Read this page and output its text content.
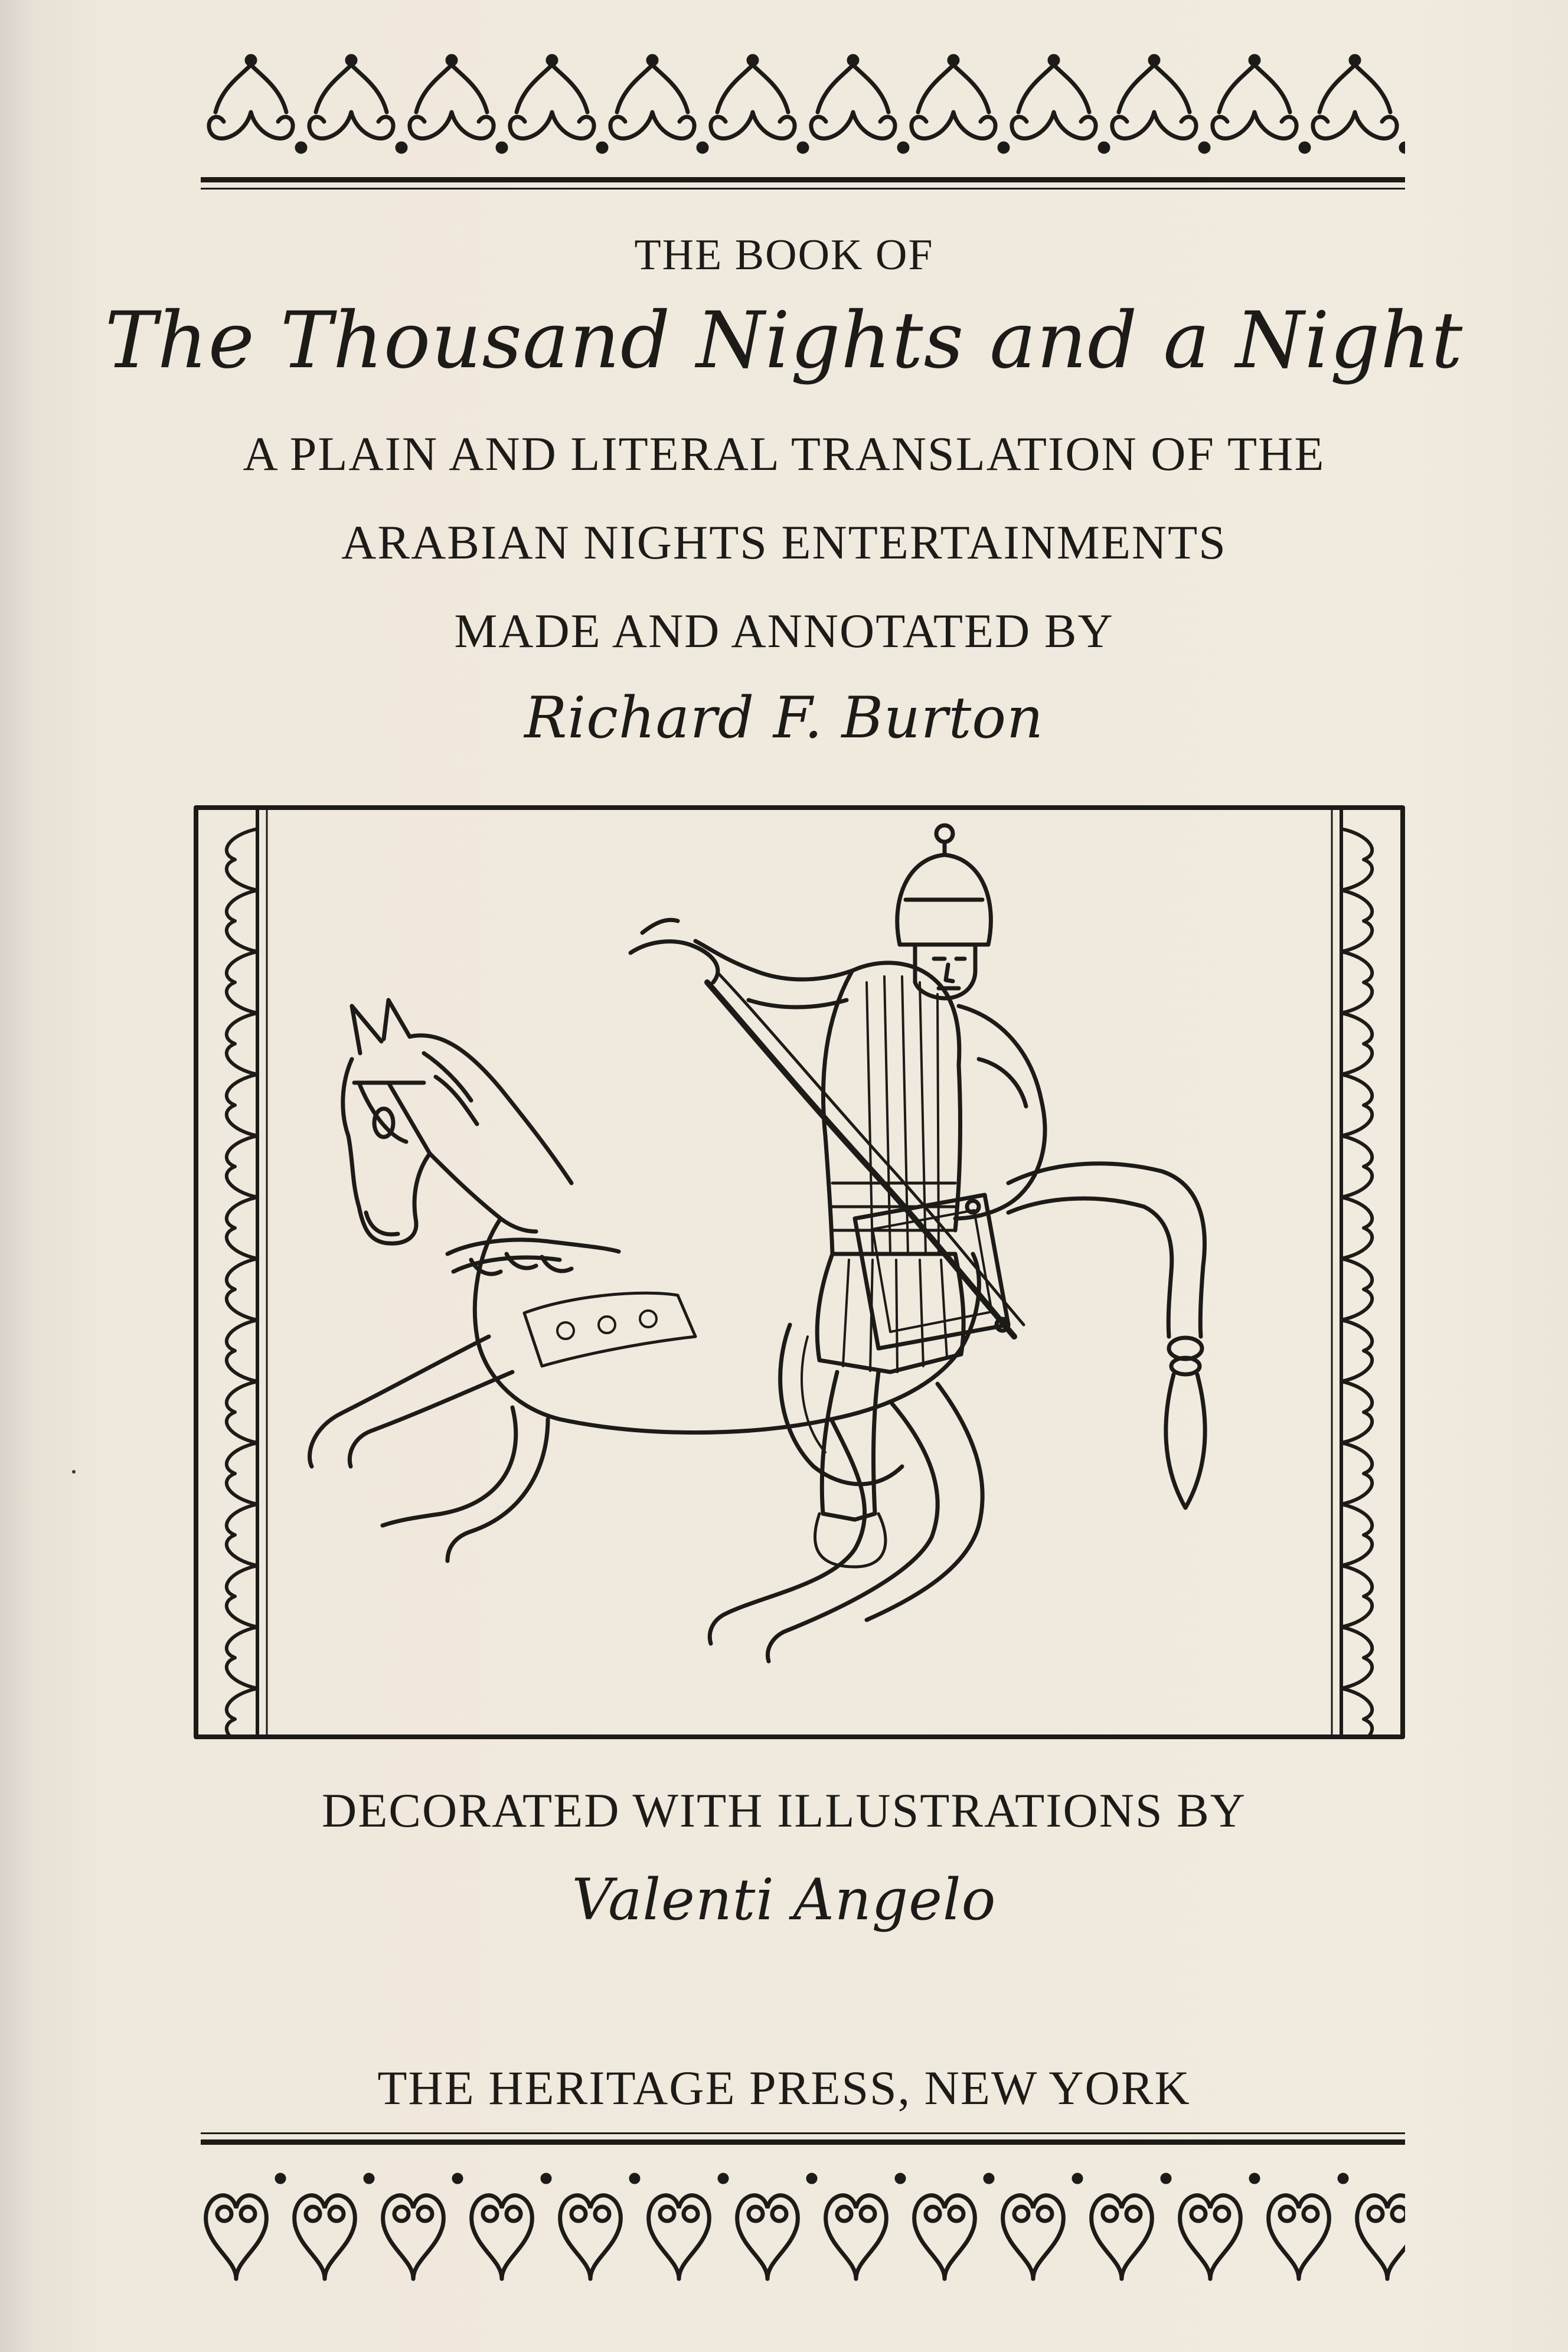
THE BOOK OF
The Thousand Nights and a Night
A PLAIN AND LITERAL TRANSLATION OF THE
ARABIAN NIGHTS ENTERTAINMENTS
MADE AND ANNOTATED BY
Richard F. Burton
DECORATED WITH ILLUSTRATIONS BY
Valenti Angelo
THE HERITAGE PRESS, NEW YORK
